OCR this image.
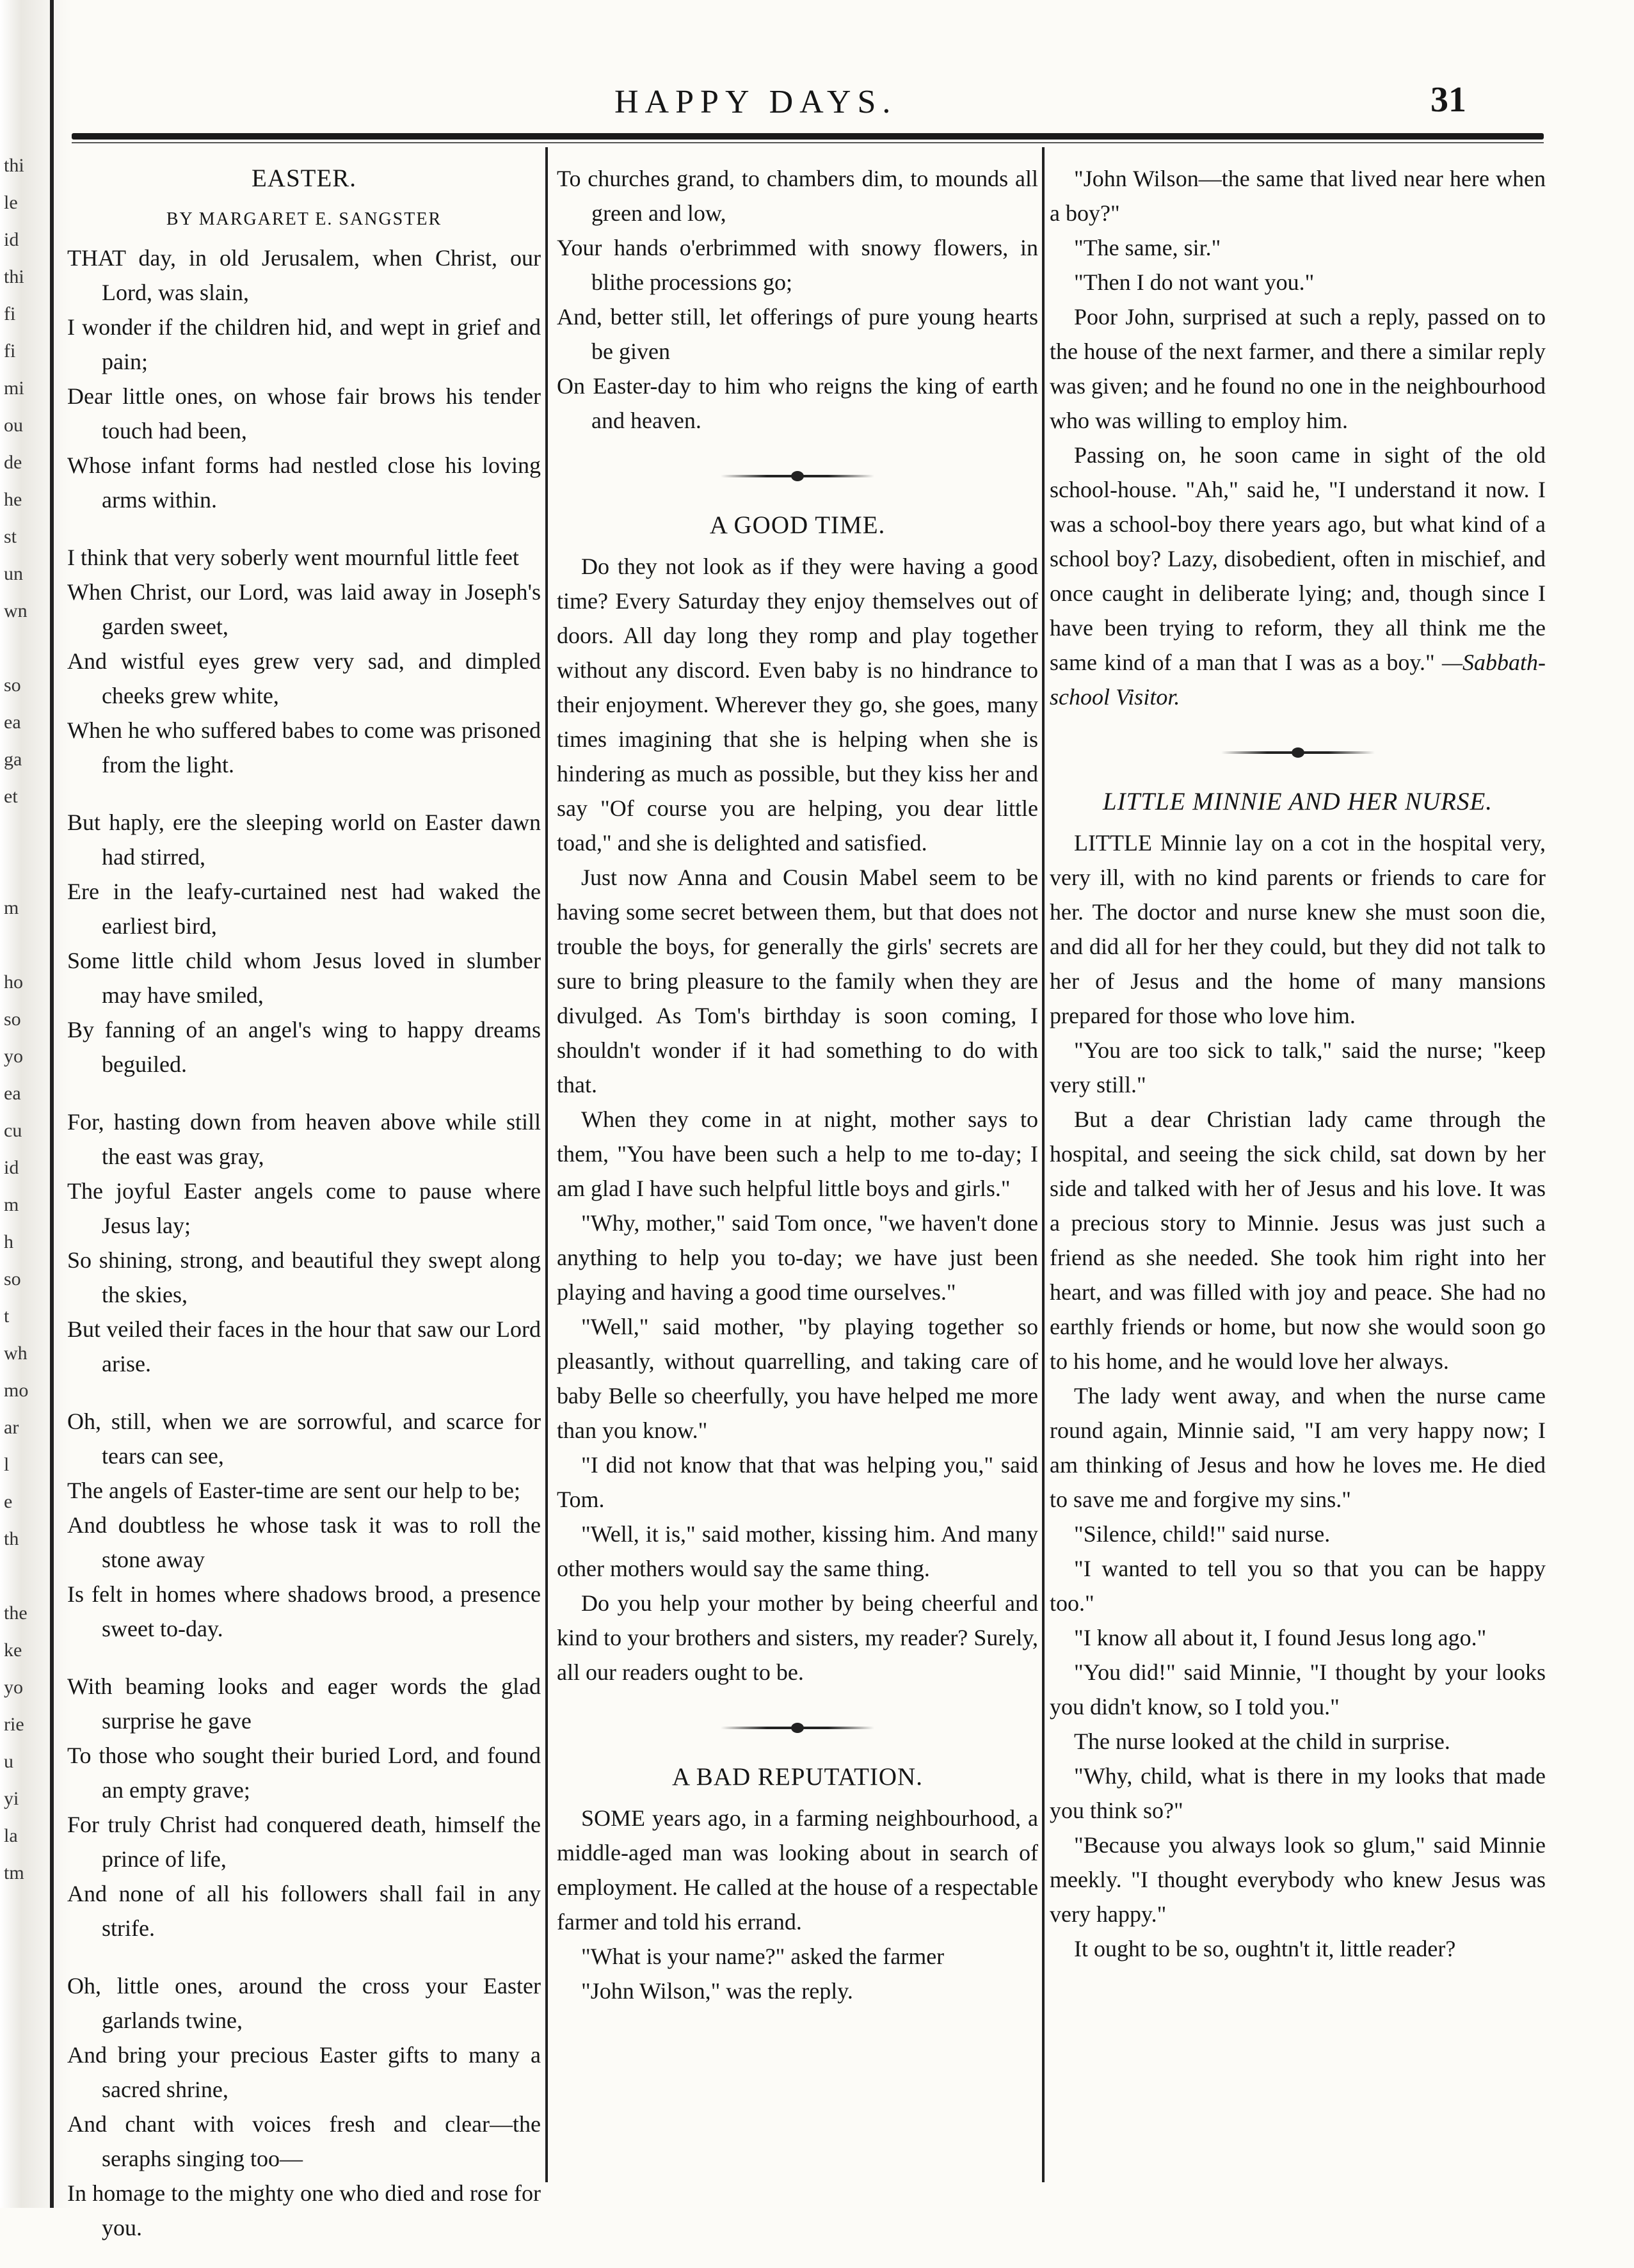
thi
le
id
thi
fi
fi
mi
ou
de
he
st
un
wn

so
ea
ga
et

m

ho
so
yo
ea
cu
id
m
h
so
t
wh
mo
ar
l
e
th

the
ke
yo
rie
u
yi
la
tm
HAPPY DAYS.	31
EASTER.
BY MARGARET E. SANGSTER
THAT day, in old Jerusalem, when Christ, our Lord, was slain,
I wonder if the children hid, and wept in grief and pain;
Dear little ones, on whose fair brows his tender touch had been,
Whose infant forms had nestled close his loving arms within.
I think that very soberly went mournful little feet
When Christ, our Lord, was laid away in Joseph's garden sweet,
And wistful eyes grew very sad, and dimpled cheeks grew white,
When he who suffered babes to come was prisoned from the light.
But haply, ere the sleeping world on Easter dawn had stirred,
Ere in the leafy-curtained nest had waked the earliest bird,
Some little child whom Jesus loved in slumber may have smiled,
By fanning of an angel's wing to happy dreams beguiled.
For, hasting down from heaven above while still the east was gray,
The joyful Easter angels come to pause where Jesus lay;
So shining, strong, and beautiful they swept along the skies,
But veiled their faces in the hour that saw our Lord arise.
Oh, still, when we are sorrowful, and scarce for tears can see,
The angels of Easter-time are sent our help to be;
And doubtless he whose task it was to roll the stone away
Is felt in homes where shadows brood, a presence sweet to-day.
With beaming looks and eager words the glad surprise he gave
To those who sought their buried Lord, and found an empty grave;
For truly Christ had conquered death, himself the prince of life,
And none of all his followers shall fail in any strife.
Oh, little ones, around the cross your Easter garlands twine,
And bring your precious Easter gifts to many a sacred shrine,
And chant with voices fresh and clear—the seraphs singing too—
In homage to the mighty one who died and rose for you.
To churches grand, to chambers dim, to mounds all green and low,
Your hands o'erbrimmed with snowy flowers, in blithe processions go;
And, better still, let offerings of pure young hearts be given
On Easter-day to him who reigns the king of earth and heaven.
A GOOD TIME.

Do they not look as if they were having a good time? Every Saturday they enjoy themselves out of doors. All day long they romp and play together without any discord. Even baby is no hindrance to their enjoyment. Wherever they go, she goes, many times imagining that she is helping when she is hindering as much as possible, but they kiss her and say "Of course you are helping, you dear little toad," and she is delighted and satisfied.

Just now Anna and Cousin Mabel seem to be having some secret between them, but that does not trouble the boys, for generally the girls' secrets are sure to bring pleasure to the family when they are divulged. As Tom's birthday is soon coming, I shouldn't wonder if it had something to do with that.

When they come in at night, mother says to them, "You have been such a help to me to-day; I am glad I have such helpful little boys and girls."

"Why, mother," said Tom once, "we haven't done anything to help you to-day; we have just been playing and having a good time ourselves."

"Well," said mother, "by playing together so pleasantly, without quarrelling, and taking care of baby Belle so cheerfully, you have helped me more than you know."

"I did not know that that was helping you," said Tom.

"Well, it is," said mother, kissing him. And many other mothers would say the same thing.

Do you help your mother by being cheerful and kind to your brothers and sisters, my reader? Surely, all our readers ought to be.

A BAD REPUTATION.

SOME years ago, in a farming neighbourhood, a middle-aged man was looking about in search of employment. He called at the house of a respectable farmer and told his errand.

"What is your name?" asked the farmer

"John Wilson," was the reply.

"John Wilson—the same that lived near here when a boy?"

"The same, sir."

"Then I do not want you."

Poor John, surprised at such a reply, passed on to the house of the next farmer, and there a similar reply was given; and he found no one in the neighbourhood who was willing to employ him.

Passing on, he soon came in sight of the old school-house. "Ah," said he, "I understand it now. I was a school-boy there years ago, but what kind of a school boy? Lazy, disobedient, often in mischief, and once caught in deliberate lying; and, though since I have been trying to reform, they all think me the same kind of a man that I was as a boy." —Sabbath-school Visitor.

LITTLE MINNIE AND HER NURSE.

LITTLE Minnie lay on a cot in the hospital very, very ill, with no kind parents or friends to care for her. The doctor and nurse knew she must soon die, and did all for her they could, but they did not talk to her of Jesus and the home of many mansions prepared for those who love him.

"You are too sick to talk," said the nurse; "keep very still."

But a dear Christian lady came through the hospital, and seeing the sick child, sat down by her side and talked with her of Jesus and his love. It was a precious story to Minnie. Jesus was just such a friend as she needed. She took him right into her heart, and was filled with joy and peace. She had no earthly friends or home, but now she would soon go to his home, and he would love her always.

The lady went away, and when the nurse came round again, Minnie said, "I am very happy now; I am thinking of Jesus and how he loves me. He died to save me and forgive my sins."

"Silence, child!" said nurse.

"I wanted to tell you so that you can be happy too."

"I know all about it, I found Jesus long ago."

"You did!" said Minnie, "I thought by your looks you didn't know, so I told you."

The nurse looked at the child in surprise.

"Why, child, what is there in my looks that made you think so?"

"Because you always look so glum," said Minnie meekly. "I thought everybody who knew Jesus was very happy."

It ought to be so, oughtn't it, little reader?
